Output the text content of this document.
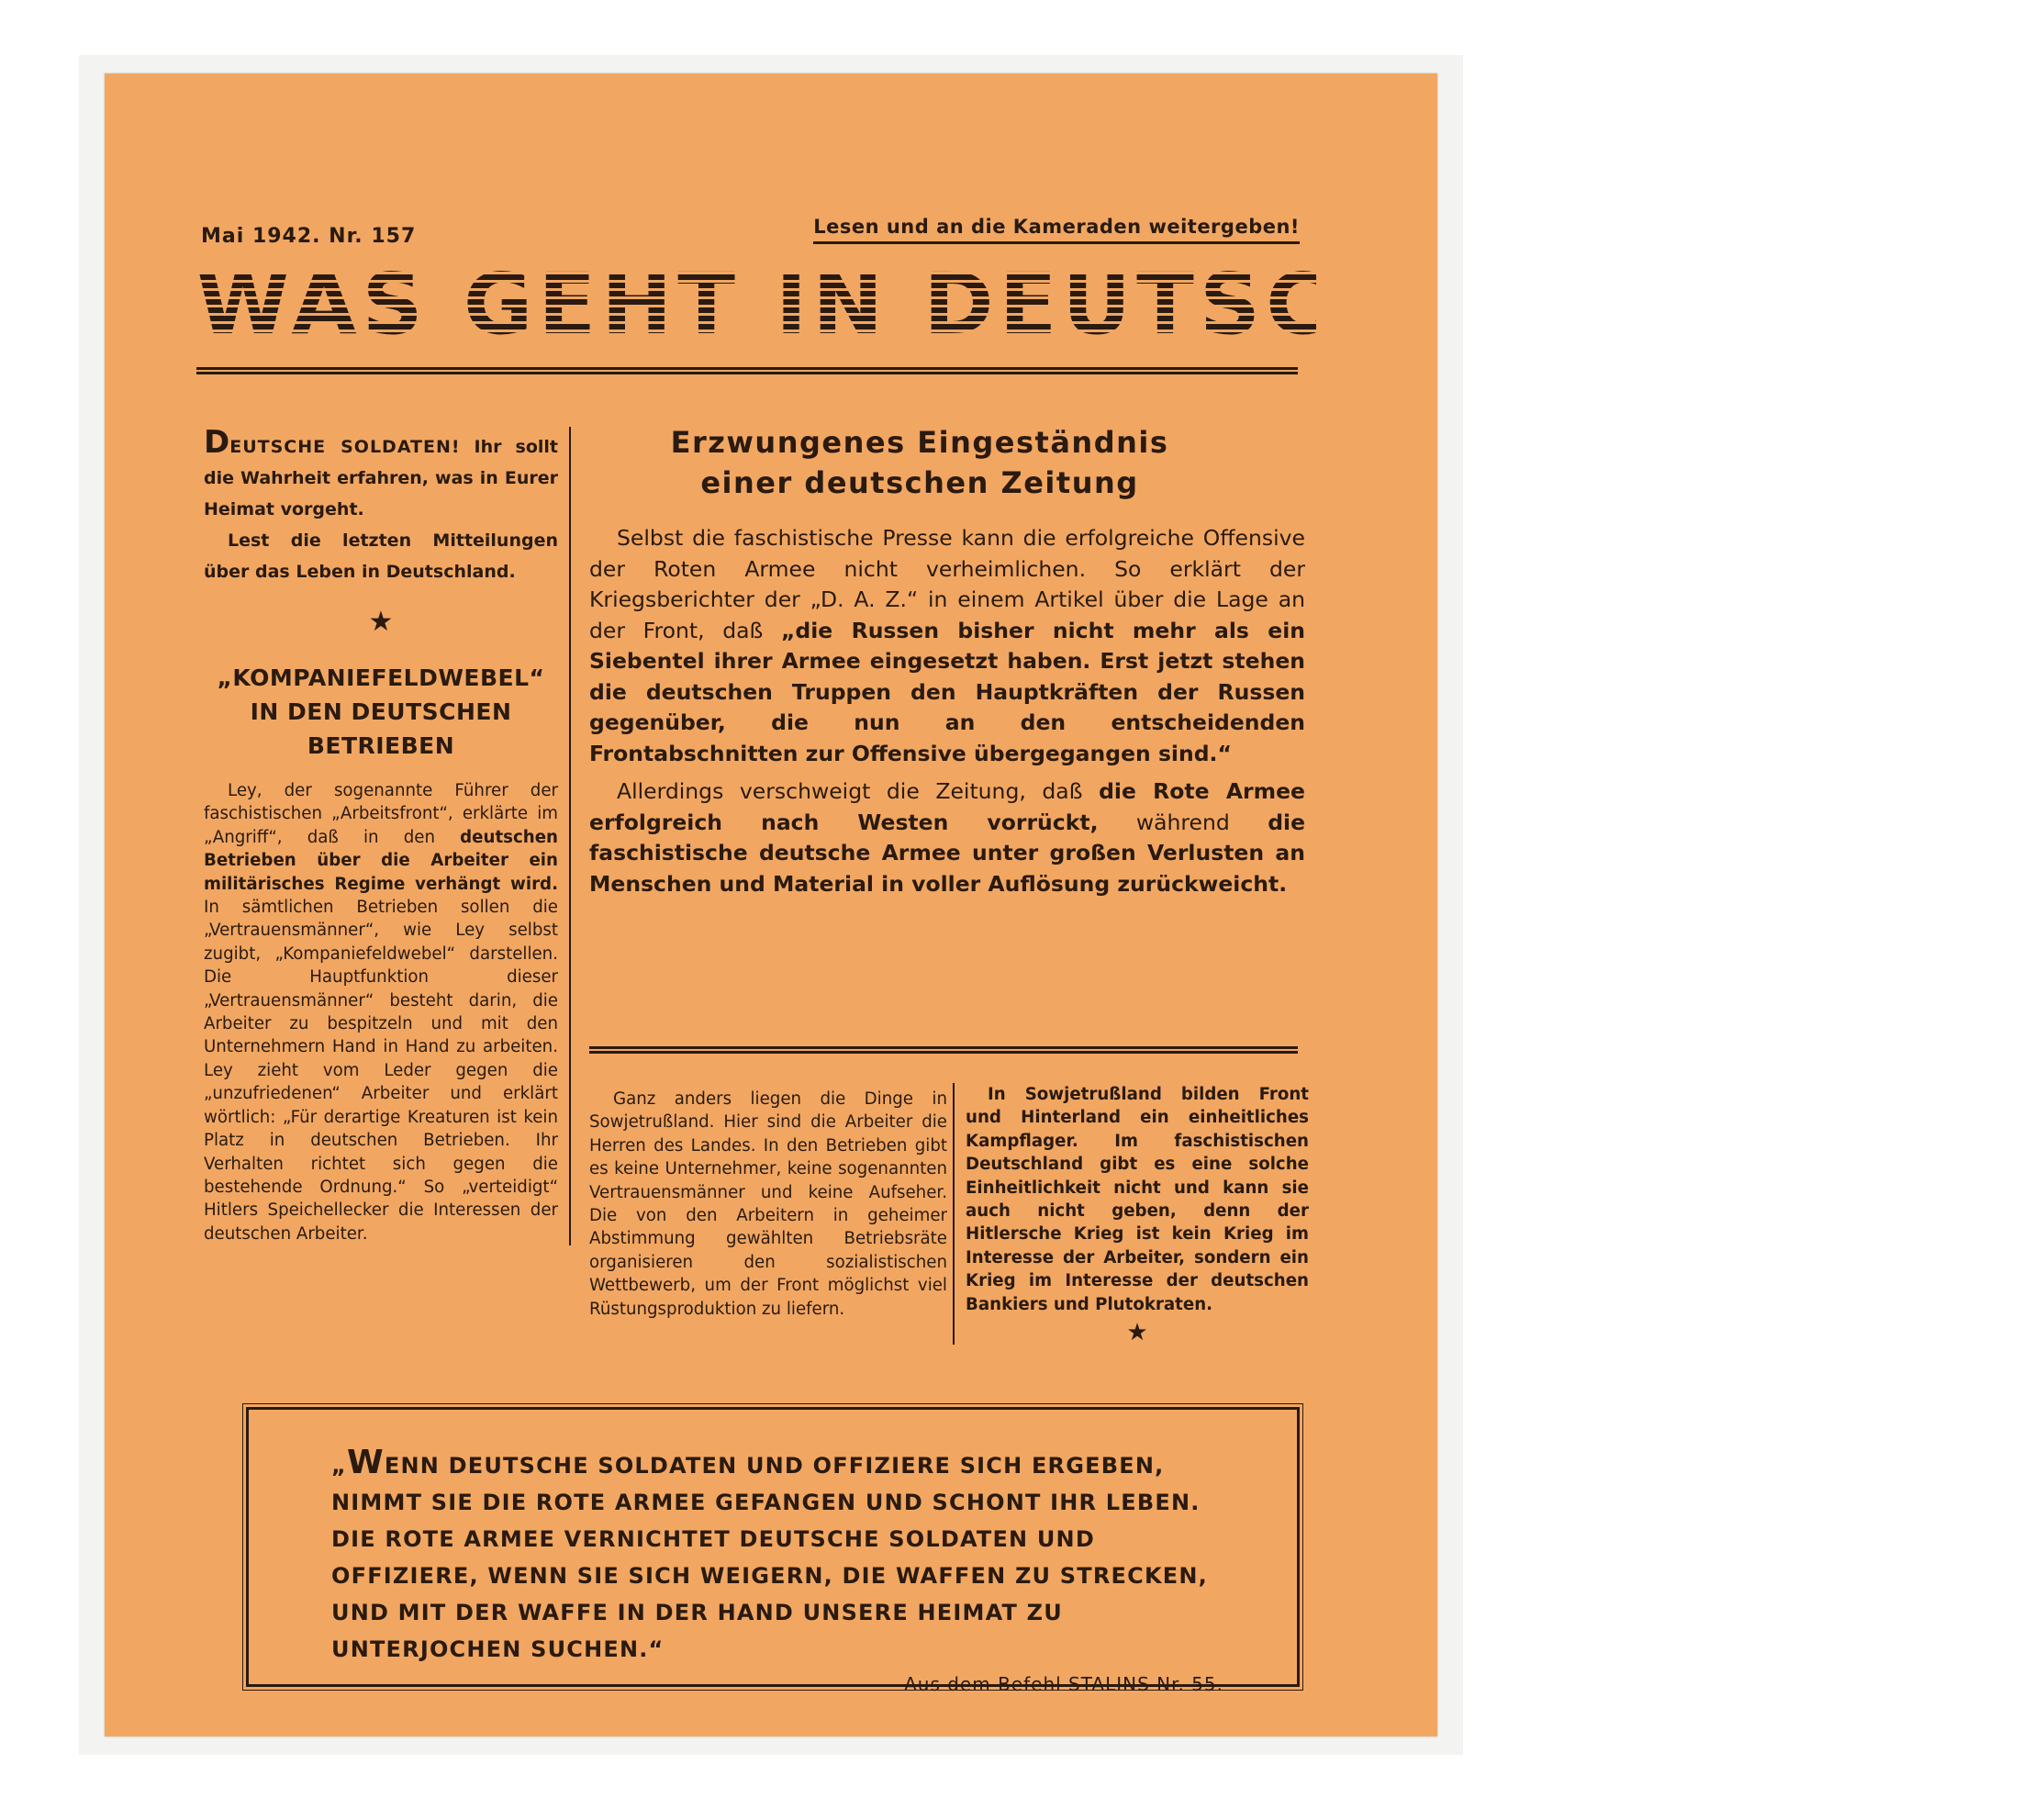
Mai 1942. Nr. 157	Lesen und an die Kameraden weitergeben!
WAS GEHT IN DEUTSCHLAND VOR ?
DEUTSCHE SOLDATEN! Ihr sollt die Wahrheit erfahren, was in Eurer Heimat vorgeht.
Lest die letzten Mitteilungen über das Leben in Deutschland.
★
„KOMPANIEFELDWEBEL“
IN DEN DEUTSCHEN
BETRIEBEN
Ley, der sogenannte Führer der faschistischen „Arbeitsfront“, erklärte im „Angriff“, daß in den deutschen Betrieben über die Arbeiter ein militärisches Regime verhängt wird. In sämtlichen Betrieben sollen die „Vertrauensmänner“, wie Ley selbst zugibt, „Kompaniefeldwebel“ darstellen. Die Hauptfunktion dieser „Vertrauensmänner“ besteht darin, die Arbeiter zu bespitzeln und mit den Unternehmern Hand in Hand zu arbeiten. Ley zieht vom Leder gegen die „unzufriedenen“ Arbeiter und erklärt wörtlich: „Für derartige Kreaturen ist kein Platz in deutschen Betrieben. Ihr Verhalten richtet sich gegen die bestehende Ordnung.“ So „verteidigt“ Hitlers Speichellecker die Interessen der deutschen Arbeiter.
Erzwungenes Eingeständnis
einer deutschen Zeitung

Selbst die faschistische Presse kann die erfolgreiche Offensive der Roten Armee nicht verheimlichen. So erklärt der Kriegsberichter der „D. A. Z.“ in einem Artikel über die Lage an der Front, daß „die Russen bisher nicht mehr als ein Siebentel ihrer Armee eingesetzt haben. Erst jetzt stehen die deutschen Truppen den Hauptkräften der Russen gegenüber, die nun an den entscheidenden Frontabschnitten zur Offensive übergegangen sind.“

Allerdings verschweigt die Zeitung, daß die Rote Armee erfolgreich nach Westen vorrückt, während die faschistische deutsche Armee unter großen Verlusten an Menschen und Material in voller Auflösung zurückweicht.

Ganz anders liegen die Dinge in Sowjetrußland. Hier sind die Arbeiter die Herren des Landes. In den Betrieben gibt es keine Unternehmer, keine sogenannten Vertrauensmänner und keine Aufseher. Die von den Arbeitern in geheimer Abstimmung gewählten Betriebsräte organisieren den sozialistischen Wettbewerb, um der Front möglichst viel Rüstungsproduktion zu liefern.
In Sowjetrußland bilden Front und Hinterland ein einheitliches Kampflager. Im faschistischen Deutschland gibt es eine solche Einheitlichkeit nicht und kann sie auch nicht geben, denn der Hitlersche Krieg ist kein Krieg im Interesse der Arbeiter, sondern ein Krieg im Interesse der deutschen Bankiers und Plutokraten.
★
„WENN DEUTSCHE SOLDATEN UND OFFIZIERE SICH ERGEBEN, NIMMT SIE DIE ROTE ARMEE GEFANGEN UND SCHONT IHR LEBEN. DIE ROTE ARMEE VERNICHTET DEUTSCHE SOLDATEN UND OFFIZIERE, WENN SIE SICH WEIGERN, DIE WAFFEN ZU STRECKEN, UND MIT DER WAFFE IN DER HAND UNSERE HEIMAT ZU UNTERJOCHEN SUCHEN.“
Aus dem Befehl STALINS Nr. 55.
